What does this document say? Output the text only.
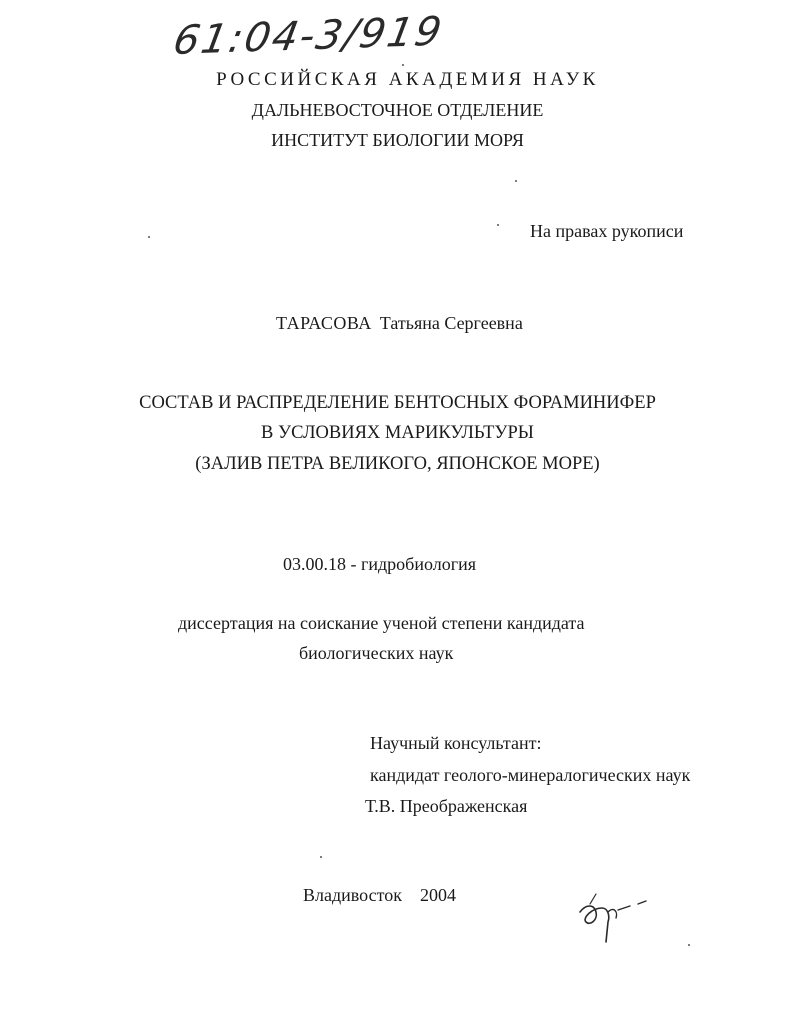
61:04-3/919
РОССИЙСКАЯ АКАДЕМИЯ НАУК
ДАЛЬНЕВОСТОЧНОЕ ОТДЕЛЕНИЕ
ИНСТИТУТ БИОЛОГИИ МОРЯ
На правах рукописи
ТАРАСОВА Татьяна Сергеевна
СОСТАВ И РАСПРЕДЕЛЕНИЕ БЕНТОСНЫХ ФОРАМИНИФЕР
В УСЛОВИЯХ МАРИКУЛЬТУРЫ
(ЗАЛИВ ПЕТРА ВЕЛИКОГО, ЯПОНСКОЕ МОРЕ)
03.00.18 - гидробиология
диссертация на соискание ученой степени кандидата
биологических наук
Научный консультант:
кандидат геолого-минералогических наук
Т.В. Преображенская
Владивосток 2004
